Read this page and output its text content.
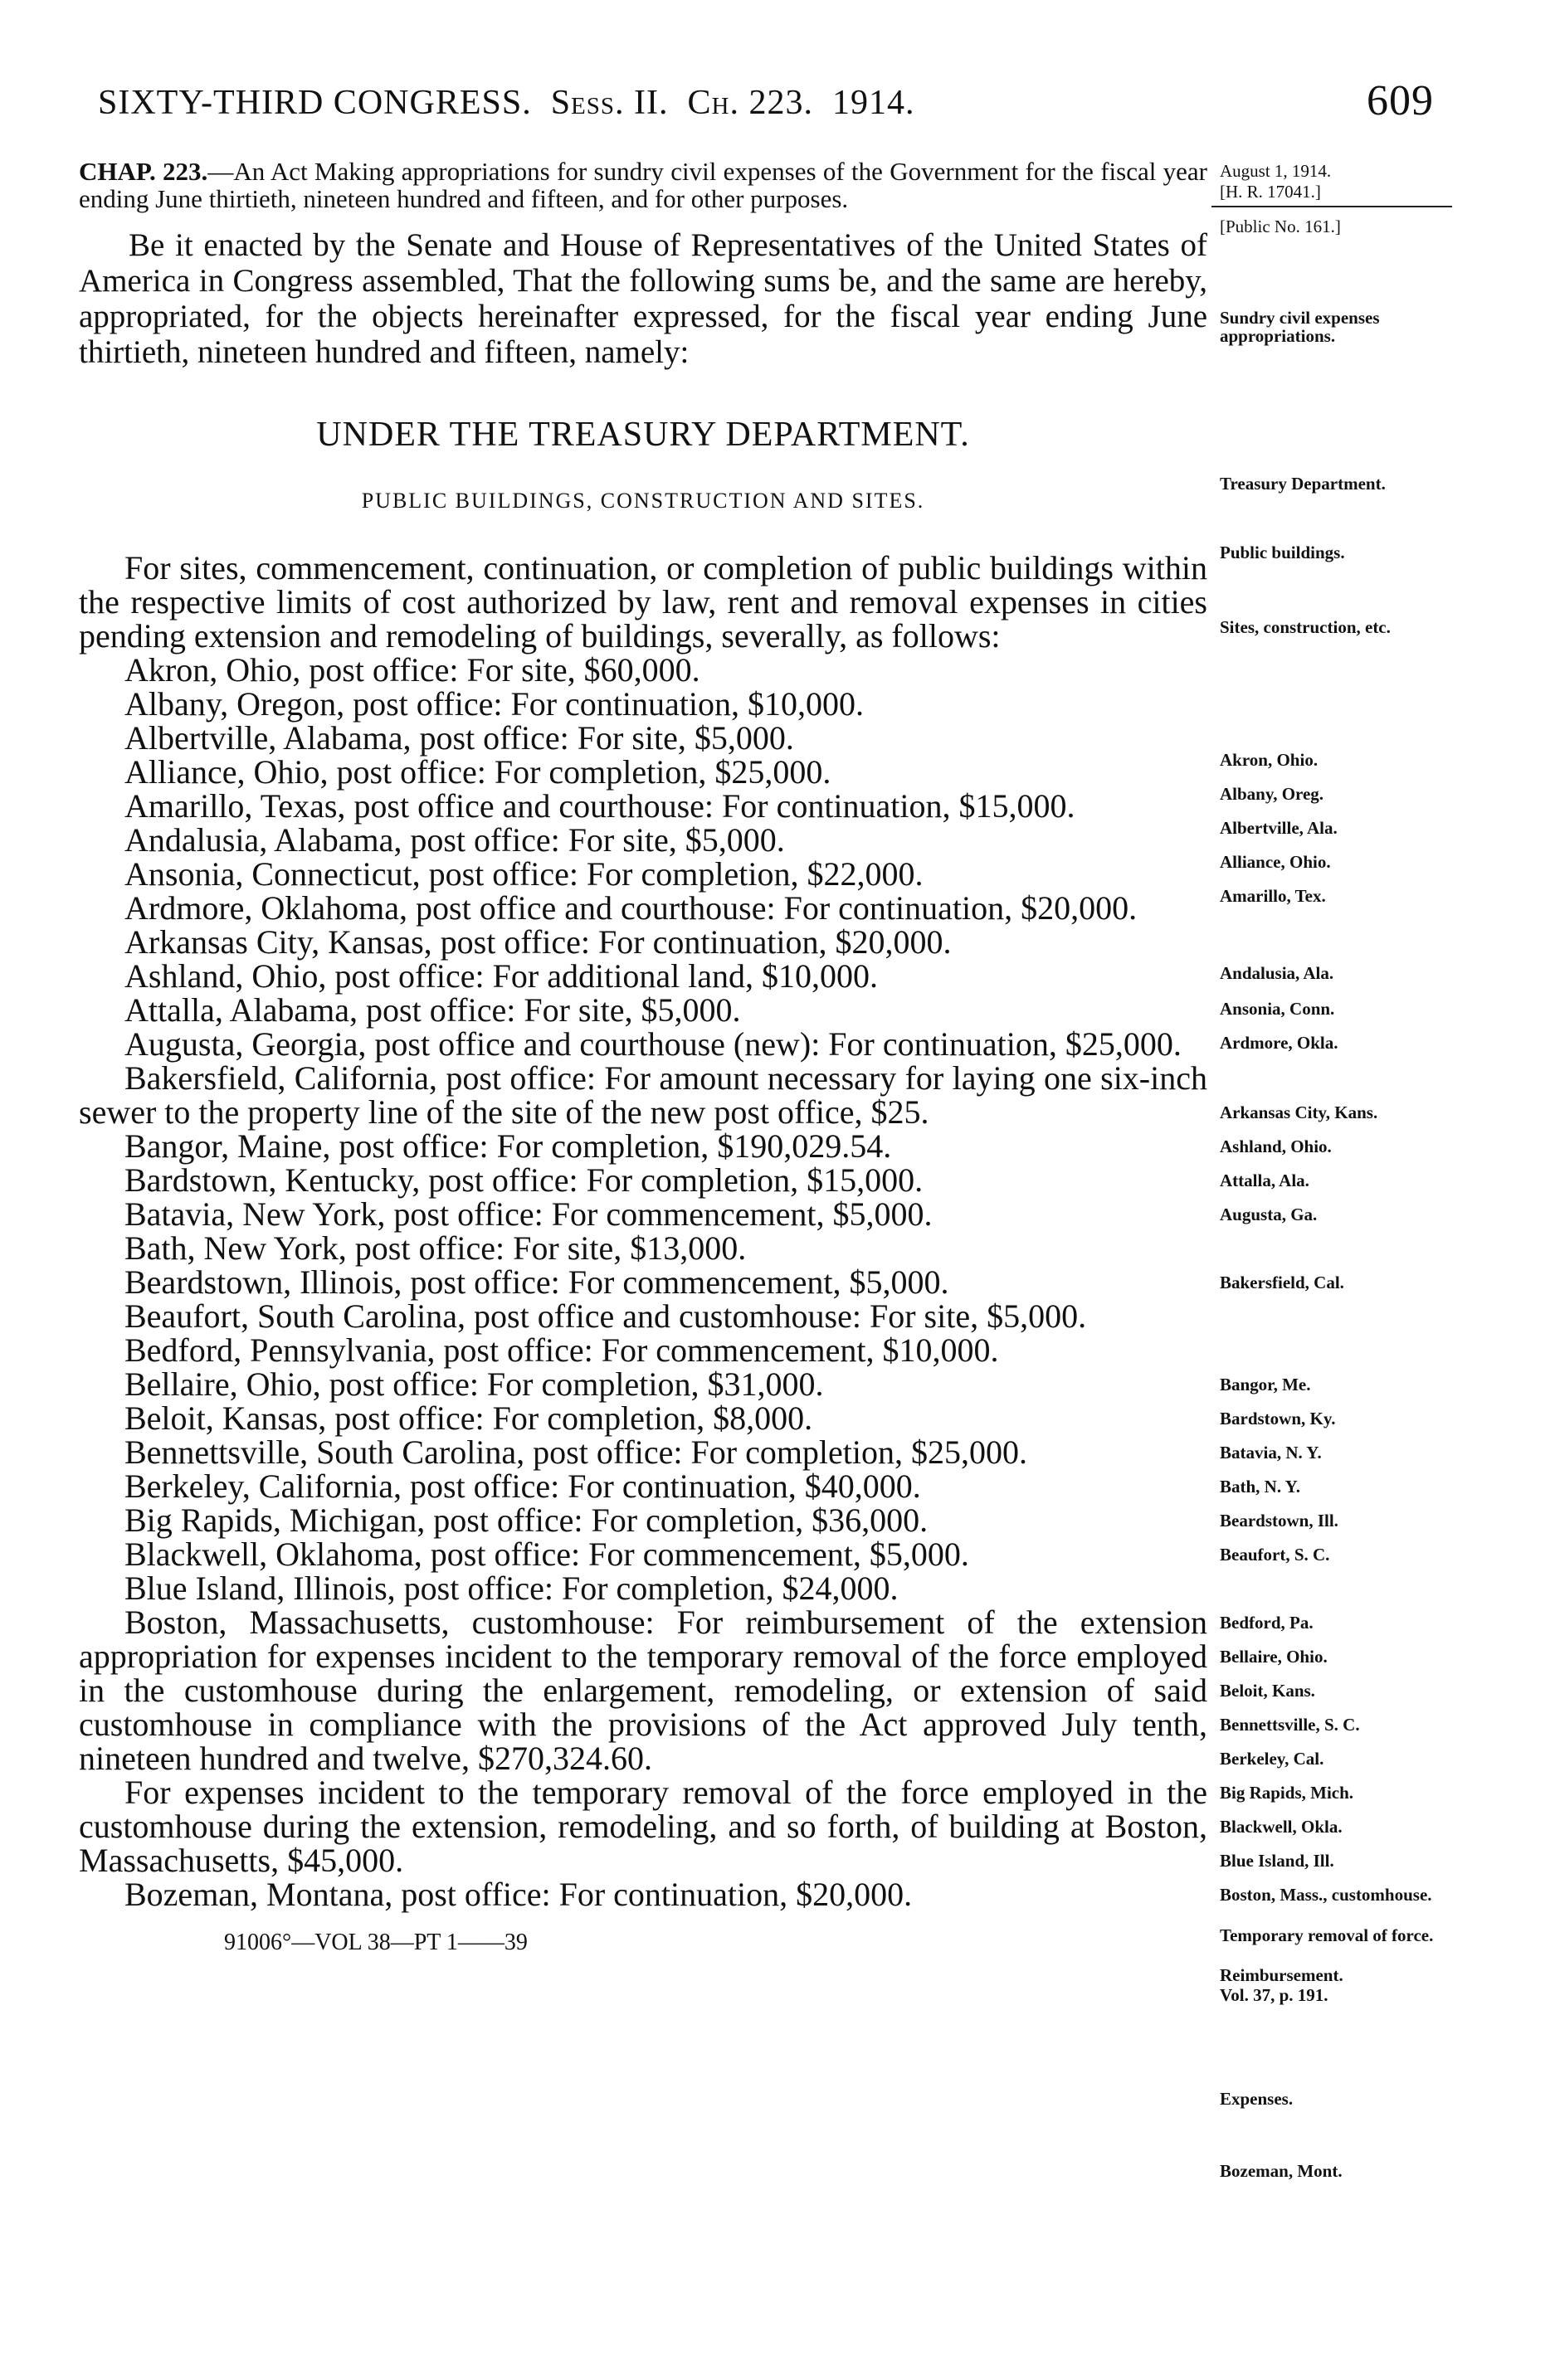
SIXTY-THIRD CONGRESS. Sess. II. Ch. 223. 1914.	609

CHAP. 223.—An Act Making appropriations for sundry civil expenses of the Government for the fiscal year ending June thirtieth, nineteen hundred and fifteen, and for other purposes.

Be it enacted by the Senate and House of Representatives of the United States of America in Congress assembled, That the following sums be, and the same are hereby, appropriated, for the objects hereinafter expressed, for the fiscal year ending June thirtieth, nineteen hundred and fifteen, namely:

UNDER THE TREASURY DEPARTMENT.
PUBLIC BUILDINGS, CONSTRUCTION AND SITES.

For sites, commencement, continuation, or completion of public buildings within the respective limits of cost authorized by law, rent and removal expenses in cities pending extension and remodeling of buildings, severally, as follows:

Akron, Ohio, post office: For site, $60,000.

Albany, Oregon, post office: For continuation, $10,000.

Albertville, Alabama, post office: For site, $5,000.

Alliance, Ohio, post office: For completion, $25,000.

Amarillo, Texas, post office and courthouse: For continuation, $15,000.

Andalusia, Alabama, post office: For site, $5,000.

Ansonia, Connecticut, post office: For completion, $22,000.

Ardmore, Oklahoma, post office and courthouse: For continuation, $20,000.

Arkansas City, Kansas, post office: For continuation, $20,000.

Ashland, Ohio, post office: For additional land, $10,000.

Attalla, Alabama, post office: For site, $5,000.

Augusta, Georgia, post office and courthouse (new): For continuation, $25,000.

Bakersfield, California, post office: For amount necessary for laying one six-inch sewer to the property line of the site of the new post office, $25.

Bangor, Maine, post office: For completion, $190,029.54.

Bardstown, Kentucky, post office: For completion, $15,000.

Batavia, New York, post office: For commencement, $5,000.

Bath, New York, post office: For site, $13,000.

Beardstown, Illinois, post office: For commencement, $5,000.

Beaufort, South Carolina, post office and customhouse: For site, $5,000.

Bedford, Pennsylvania, post office: For commencement, $10,000.

Bellaire, Ohio, post office: For completion, $31,000.

Beloit, Kansas, post office: For completion, $8,000.

Bennettsville, South Carolina, post office: For completion, $25,000.

Berkeley, California, post office: For continuation, $40,000.

Big Rapids, Michigan, post office: For completion, $36,000.

Blackwell, Oklahoma, post office: For commencement, $5,000.

Blue Island, Illinois, post office: For completion, $24,000.

Boston, Massachusetts, customhouse: For reimbursement of the extension appropriation for expenses incident to the temporary removal of the force employed in the customhouse during the enlargement, remodeling, or extension of said customhouse in compliance with the provisions of the Act approved July tenth, nineteen hundred and twelve, $270,324.60.

For expenses incident to the temporary removal of the force employed in the customhouse during the extension, remodeling, and so forth, of building at Boston, Massachusetts, $45,000.

Bozeman, Montana, post office: For continuation, $20,000.

91006°—VOL 38—PT 1——39
August 1, 1914.
[H. R. 17041.]
[Public No. 161.]
Sundry civil expenses appropriations.
Treasury Department.
Public buildings.
Sites, construction, etc.
Akron, Ohio.
Albany, Oreg.
Albertville, Ala.
Alliance, Ohio.
Amarillo, Tex.
Andalusia, Ala.
Ansonia, Conn.
Ardmore, Okla.
Arkansas City, Kans.
Ashland, Ohio.
Attalla, Ala.
Augusta, Ga.
Bakersfield, Cal.
Bangor, Me.
Bardstown, Ky.
Batavia, N. Y.
Bath, N. Y.
Beardstown, Ill.
Beaufort, S. C.
Bedford, Pa.
Bellaire, Ohio.
Beloit, Kans.
Bennettsville, S. C.
Berkeley, Cal.
Big Rapids, Mich.
Blackwell, Okla.
Blue Island, Ill.
Boston, Mass., customhouse.
Temporary removal of force.
Reimbursement.
Vol. 37, p. 191.
Expenses.
Bozeman, Mont.
